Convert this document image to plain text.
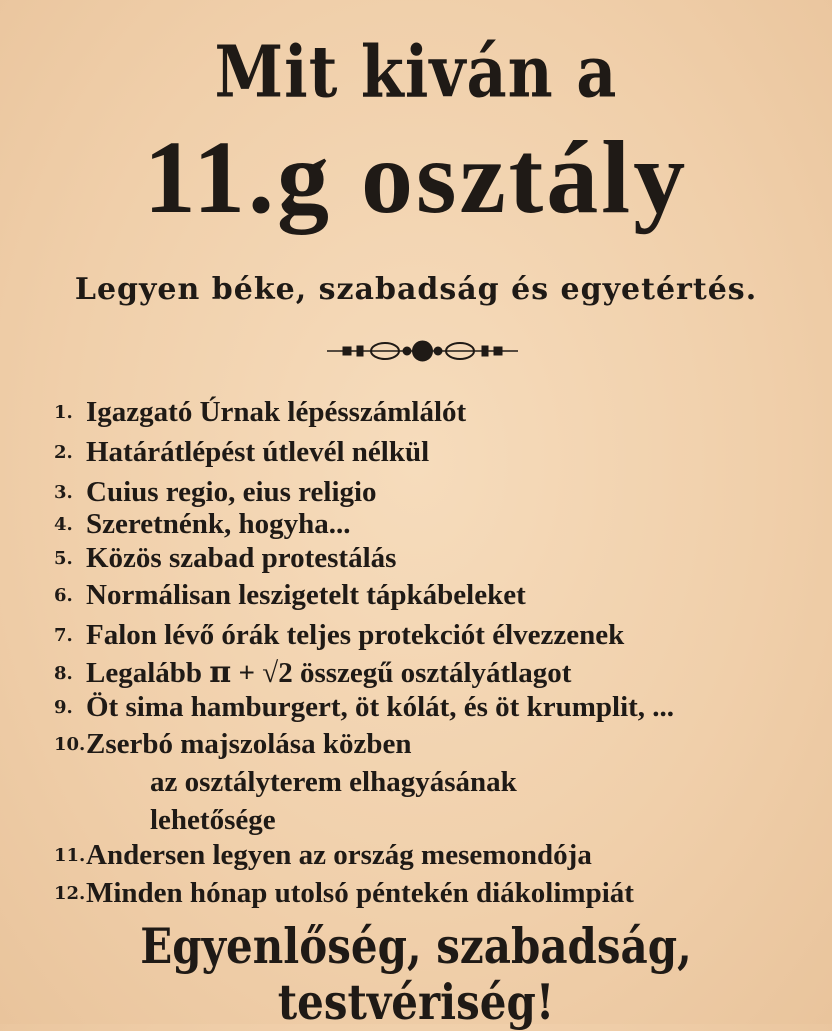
Mit kiván a
11.g osztály
Legyen béke, szabadság és egyetértés.
1. Igazgató Úrnak lépésszámlálót
2. Határátlépést útlevél nélkül
3. Cuius regio, eius religio
4. Szeretnénk, hogyha...
5. Közös szabad protestálás
6. Normálisan leszigetelt tápkábeleket
7. Falon lévő órák teljes protekciót élvezzenek
8. Legalább π + √2 összegű osztályátlagot
9. Öt sima hamburgert, öt kólát, és öt krumplit, ...
10.Zserbó majszolása közben
az osztályterem elhagyásának
lehetősége
11.Andersen legyen az ország mesemondója
12.Minden hónap utolsó péntekén diákolimpiát
Egyenlőség, szabadság, testvériség!
